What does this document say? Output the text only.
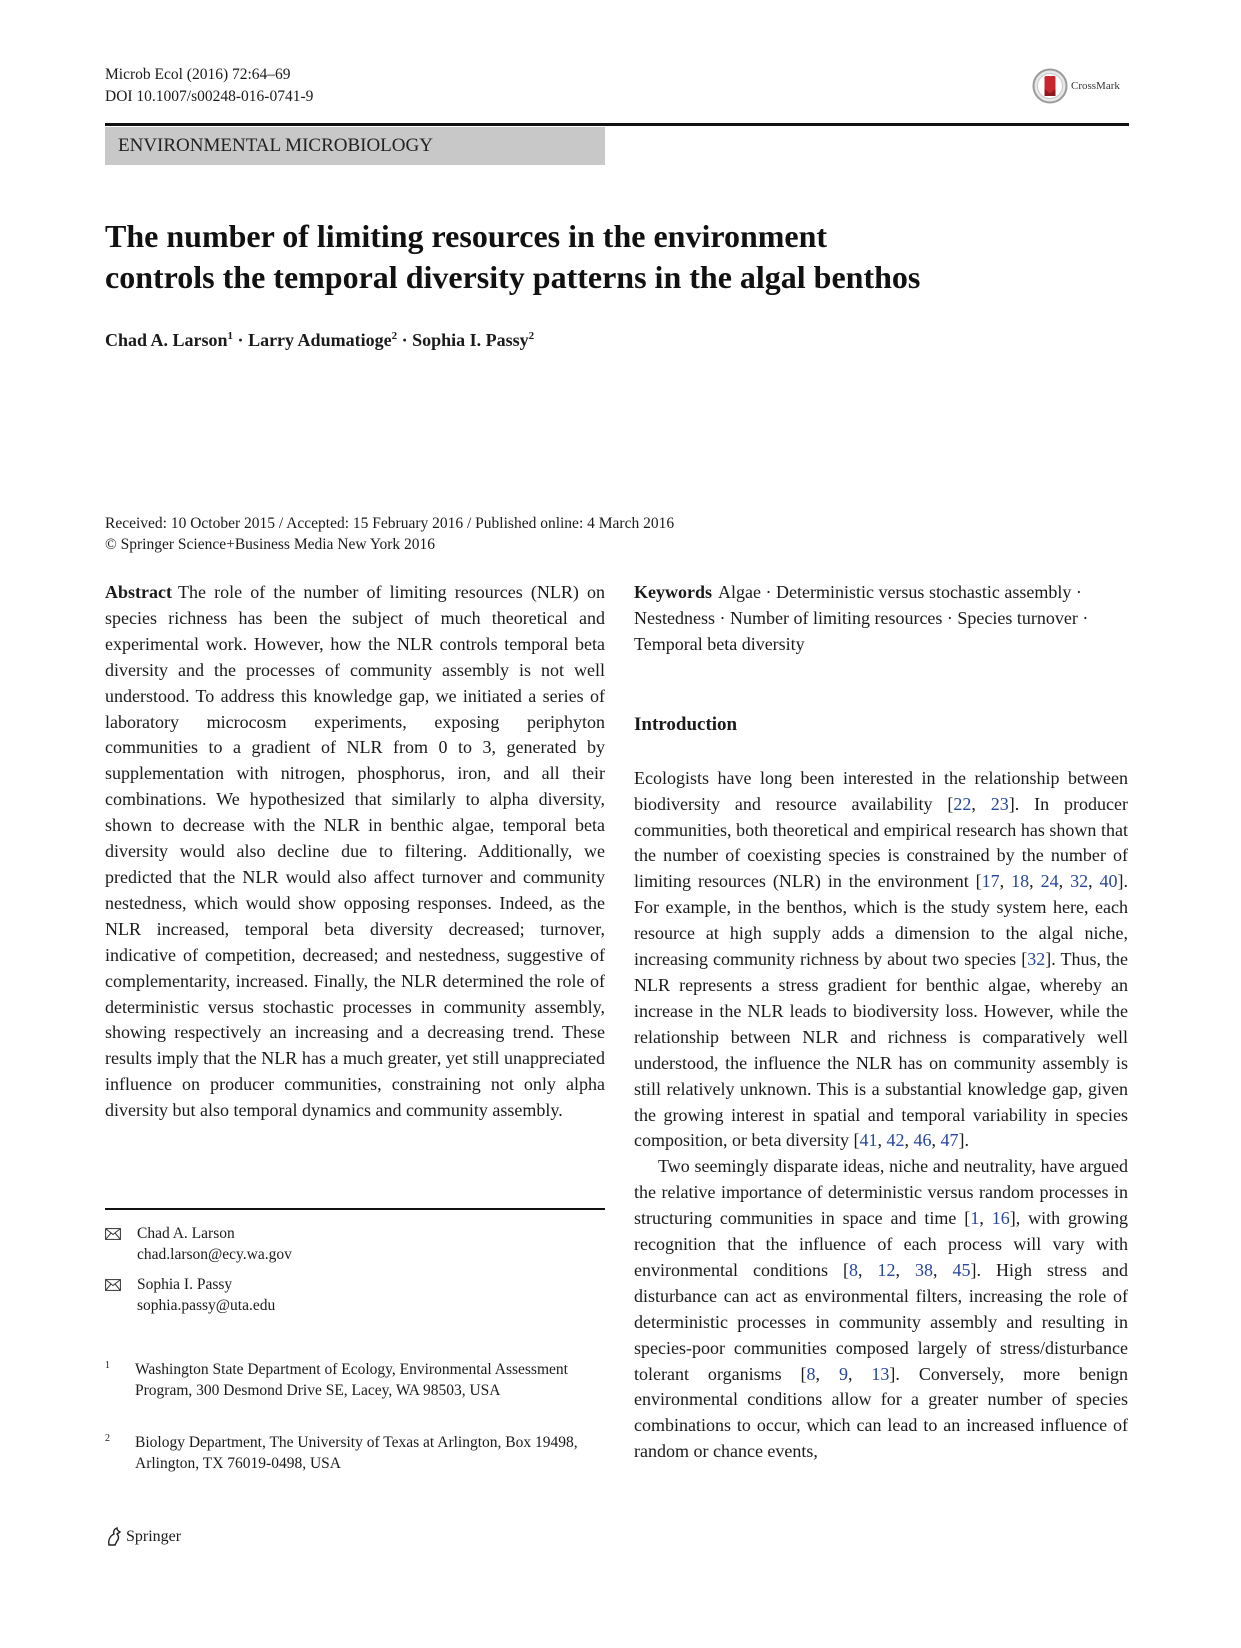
Microb Ecol (2016) 72:64–69
DOI 10.1007/s00248-016-0741-9
CrossMark
ENVIRONMENTAL MICROBIOLOGY
The number of limiting resources in the environment
controls the temporal diversity patterns in the algal benthos
Chad A. Larson$^1$ · Larry Adumatioge$^2$ · Sophia I. Passy$^2$
Received: 10 October 2015 / Accepted: 15 February 2016 / Published online: 4 March 2016
© Springer Science+Business Media New York 2016

Abstract The role of the number of limiting resources (NLR) on species richness has been the subject of much theoretical and experimental work. However, how the NLR controls temporal beta diversity and the processes of community assembly is not well understood. To address this knowledge gap, we initiated a series of laboratory microcosm experiments, exposing periphyton communities to a gradient of NLR from 0 to 3, generated by supplementation with nitrogen, phosphorus, iron, and all their combinations. We hypothesized that similarly to alpha diversity, shown to decrease with the NLR in benthic algae, temporal beta diversity would also decline due to filtering. Additionally, we predicted that the NLR would also affect turnover and community nestedness, which would show opposing responses. Indeed, as the NLR increased, temporal beta diversity decreased; turnover, indicative of competition, decreased; and nestedness, suggestive of complementarity, increased. Finally, the NLR determined the role of deterministic versus stochastic processes in community assembly, showing respectively an increasing and a decreasing trend. These results imply that the NLR has a much greater, yet still unappreciated influence on producer communities, constraining not only alpha diversity but also temporal dynamics and community assembly.

Chad A. Larson
chad.larson@ecy.wa.gov
Sophia I. Passy
sophia.passy@uta.edu
1	Washington State Department of Ecology, Environmental Assessment Program, 300 Desmond Drive SE, Lacey, WA 98503, USA
2	Biology Department, The University of Texas at Arlington, Box 19498, Arlington, TX 76019-0498, USA

Keywords Algae · Deterministic versus stochastic assembly · Nestedness · Number of limiting resources · Species turnover · Temporal beta diversity

Introduction

Ecologists have long been interested in the relationship between biodiversity and resource availability [22, 23]. In producer communities, both theoretical and empirical research has shown that the number of coexisting species is constrained by the number of limiting resources (NLR) in the environment [17, 18, 24, 32, 40]. For example, in the benthos, which is the study system here, each resource at high supply adds a dimension to the algal niche, increasing community richness by about two species [32]. Thus, the NLR represents a stress gradient for benthic algae, whereby an increase in the NLR leads to biodiversity loss. However, while the relationship between NLR and richness is comparatively well understood, the influence the NLR has on community assembly is still relatively unknown. This is a substantial knowledge gap, given the growing interest in spatial and temporal variability in species composition, or beta diversity [41, 42, 46, 47].

Two seemingly disparate ideas, niche and neutrality, have argued the relative importance of deterministic versus random processes in structuring communities in space and time [1, 16], with growing recognition that the influence of each process will vary with environmental conditions [8, 12, 38, 45]. High stress and disturbance can act as environmental filters, increasing the role of deterministic processes in community assembly and resulting in species-poor communities composed largely of stress/disturbance tolerant organisms [8, 9, 13]. Conversely, more benign environmental conditions allow for a greater number of species combinations to occur, which can lead to an increased influence of random or chance events,

Springer
